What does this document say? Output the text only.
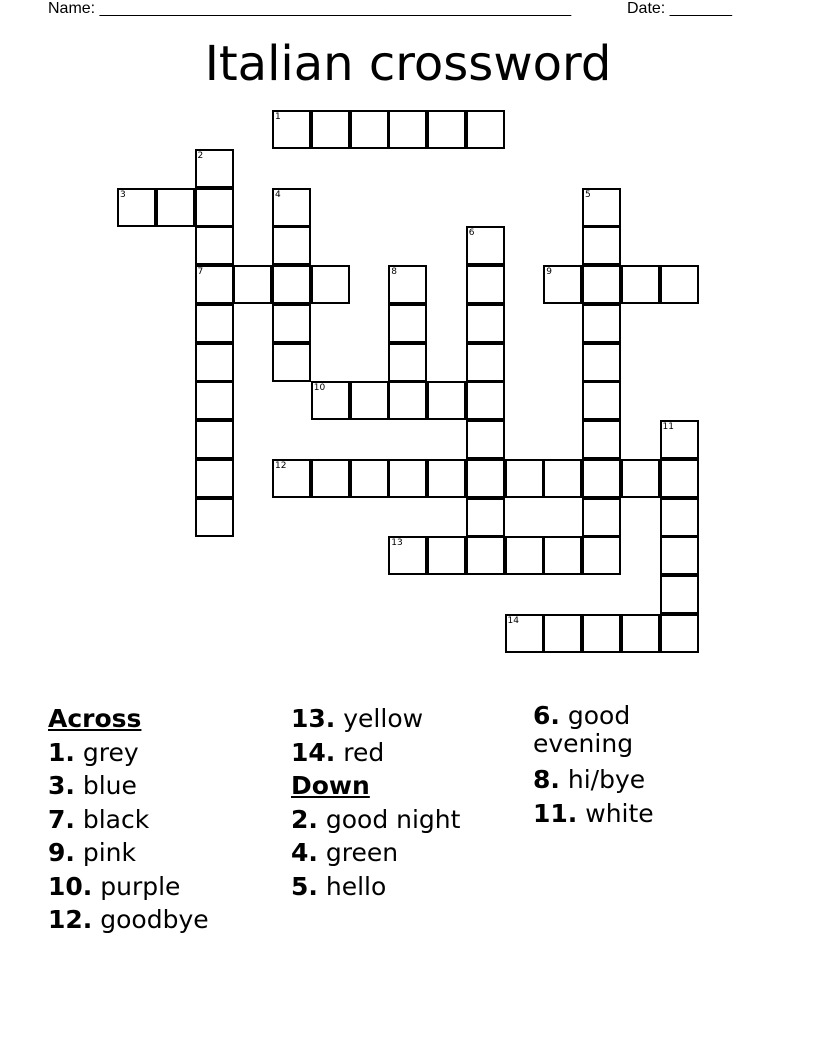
Name: _____________________________________________________	Date: _______
Italian crossword
1
2
7
3	4	5
6
8	9
10
11
12
13
14
Across
1. grey
3. blue
7. black
9. pink
10. purple
12. goodbye
13. yellow
14. red
Down
2. good night
4. green
5. hello
6. good evening
8. hi/bye
11. white
